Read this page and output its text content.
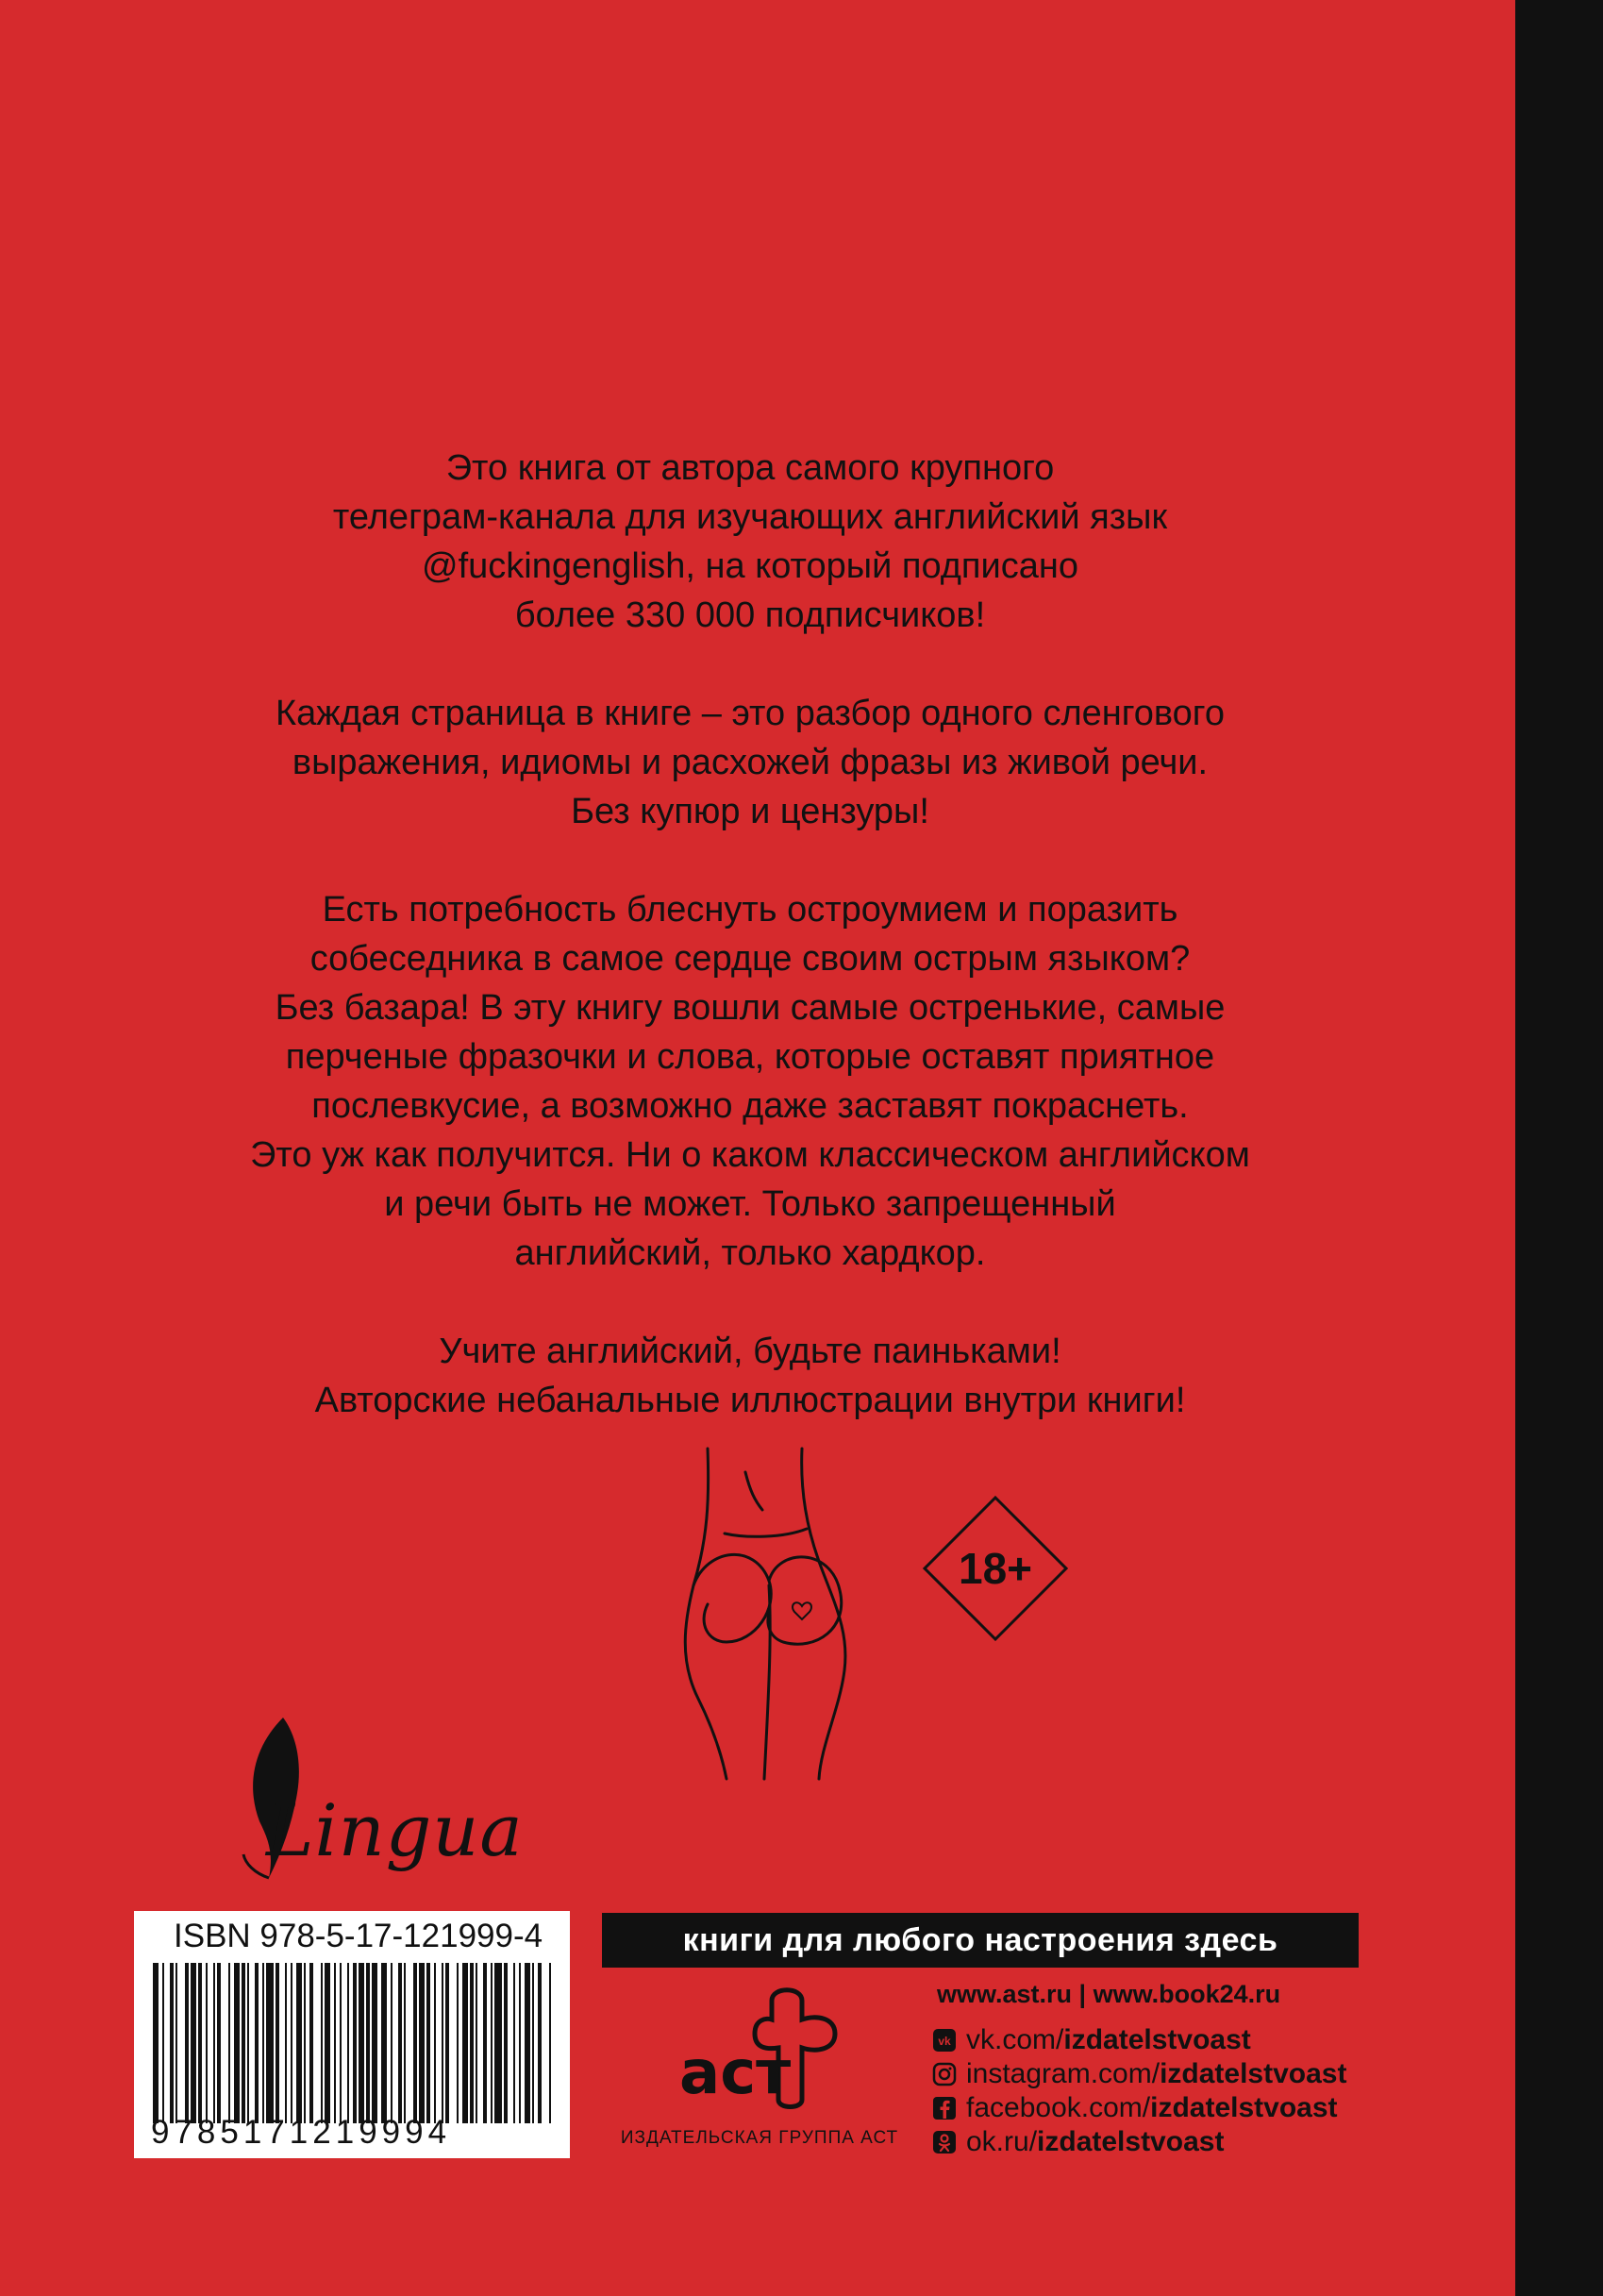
Это книга от автора самого крупного
телеграм-канала для изучающих английский язык
@fuckingenglish, на который подписано
более 330 000 подписчиков!

Каждая страница в книге – это разбор одного сленгового
выражения, идиомы и расхожей фразы из живой речи.
Без купюр и цензуры!

Есть потребность блеснуть остроумием и поразить
собеседника в самое сердце своим острым языком?
Без базара! В эту книгу вошли самые остренькие, самые
перченые фразочки и слова, которые оставят приятное
послевкусие, а возможно даже заставят покраснеть.
Это уж как получится. Ни о каком классическом английском
и речи быть не может. Только запрещенный
английский, только хардкор.

Учите английский, будьте паиньками!
Авторские небанальные иллюстрации внутри книги!

18+
Lingua
ISBN 978-5-17-121999-4
9785171219994
книги для любого настроения здесь
аст
ИЗДАТЕЛЬСКАЯ ГРУППА АСТ
www.ast.ru | www.book24.ru
vk vk.com/ izdatelstvoast
instagram.com/ izdatelstvoast
facebook.com/ izdatelstvoast
ok.ru/ izdatelstvoast
